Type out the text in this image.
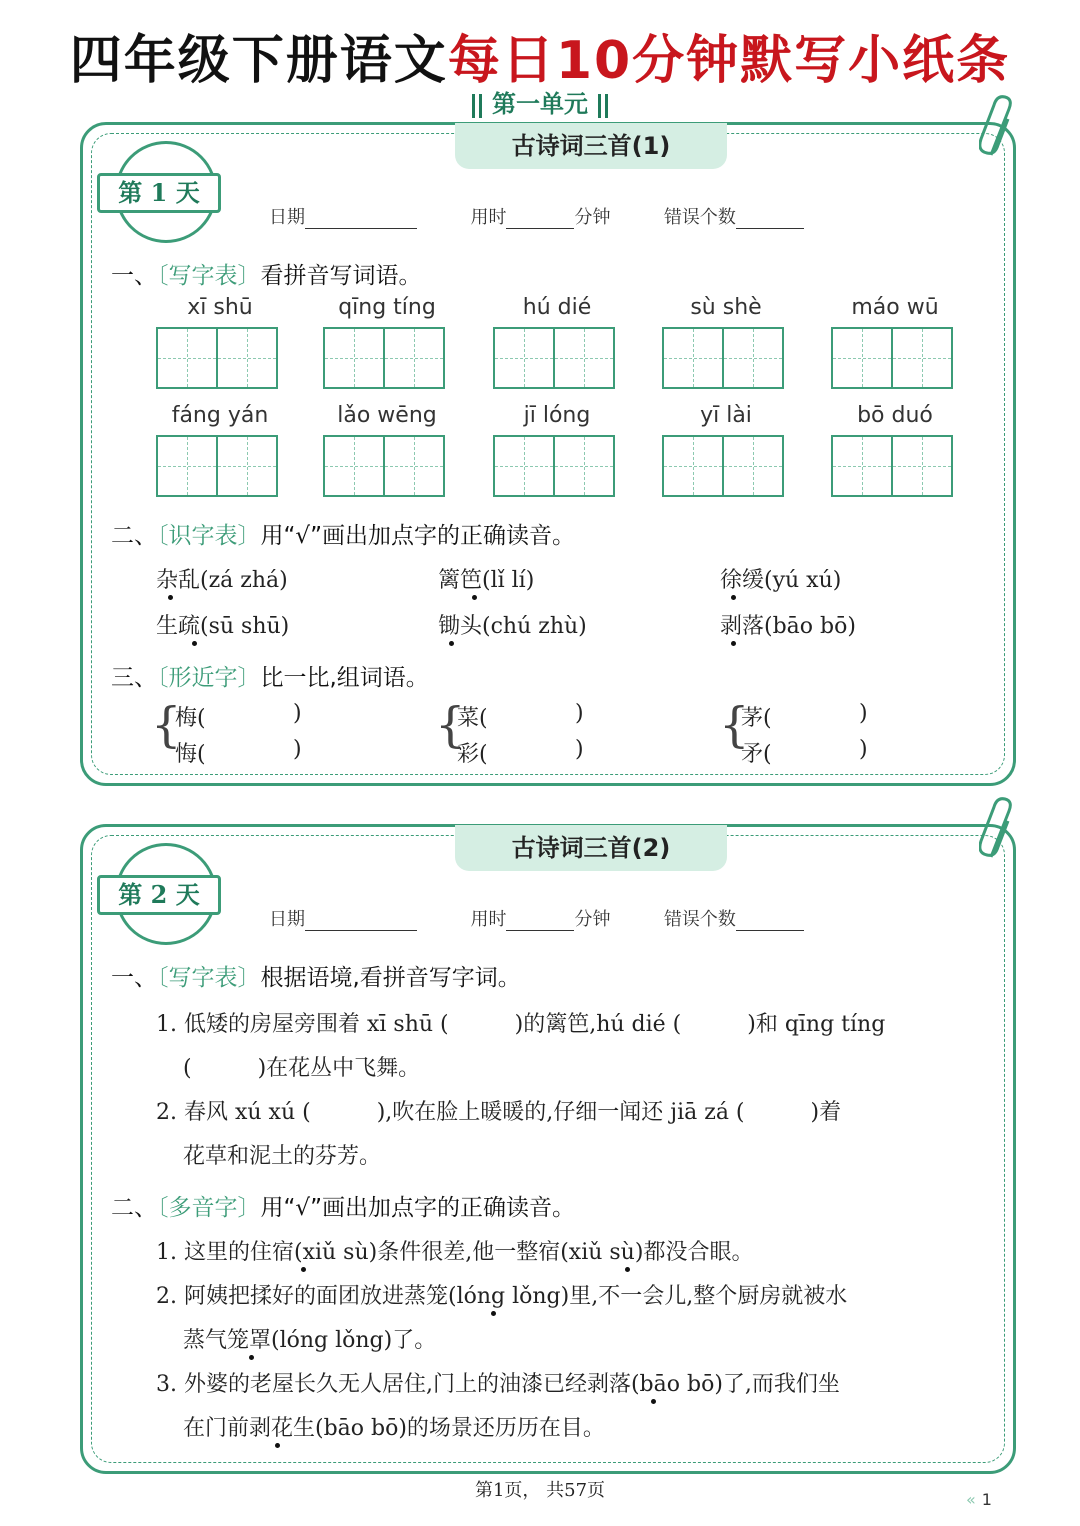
四年级下册语文每日10分钟默写小纸条
第一单元
古诗词三首(1)
第 1 天
日期	用时	分钟	错误个数
一、〔写字表〕看拼音写词语。
xī shū	qīng tíng	hú dié	sù shè	máo wū
fáng yán	lǎo wēng	jī lóng	yī lài	bō duó
二、〔识字表〕用“√”画出加点字的正确读音。
杂乱(zá zhá)	篱笆(lǐ lí)	徐缓(yú xú)
生疏(sū shū)	锄头(chú zhù)	剥落(bāo bō)
三、〔形近字〕比一比,组词语。
{
梅(	)
悔(	)	{
菜(	)
彩(	)	{
茅(	)
矛(	)
古诗词三首(2)
第 2 天
日期	用时	分钟	错误个数
一、〔写字表〕根据语境,看拼音写字词。
1. 低矮的房屋旁围着 xī shū (　　　)的篱笆,hú dié (　　　)和 qīng tíng
(　　　)在花丛中飞舞。
2. 春风 xú xú (　　　),吹在脸上暖暖的,仔细一闻还 jiā zá (　　　)着
花草和泥土的芬芳。
二、〔多音字〕用“√”画出加点字的正确读音。
1. 这里的住宿(xiǔ sù)条件很差,他一整宿(xiǔ sù)都没合眼。
2. 阿姨把揉好的面团放进蒸笼(lóng lǒng)里,不一会儿,整个厨房就被水
蒸气笼罩(lóng lǒng)了。
3. 外婆的老屋长久无人居住,门上的油漆已经剥落(bāo bō)了,而我们坐
在门前剥花生(bāo bō)的场景还历历在目。
第1页， 共57页	« 1
